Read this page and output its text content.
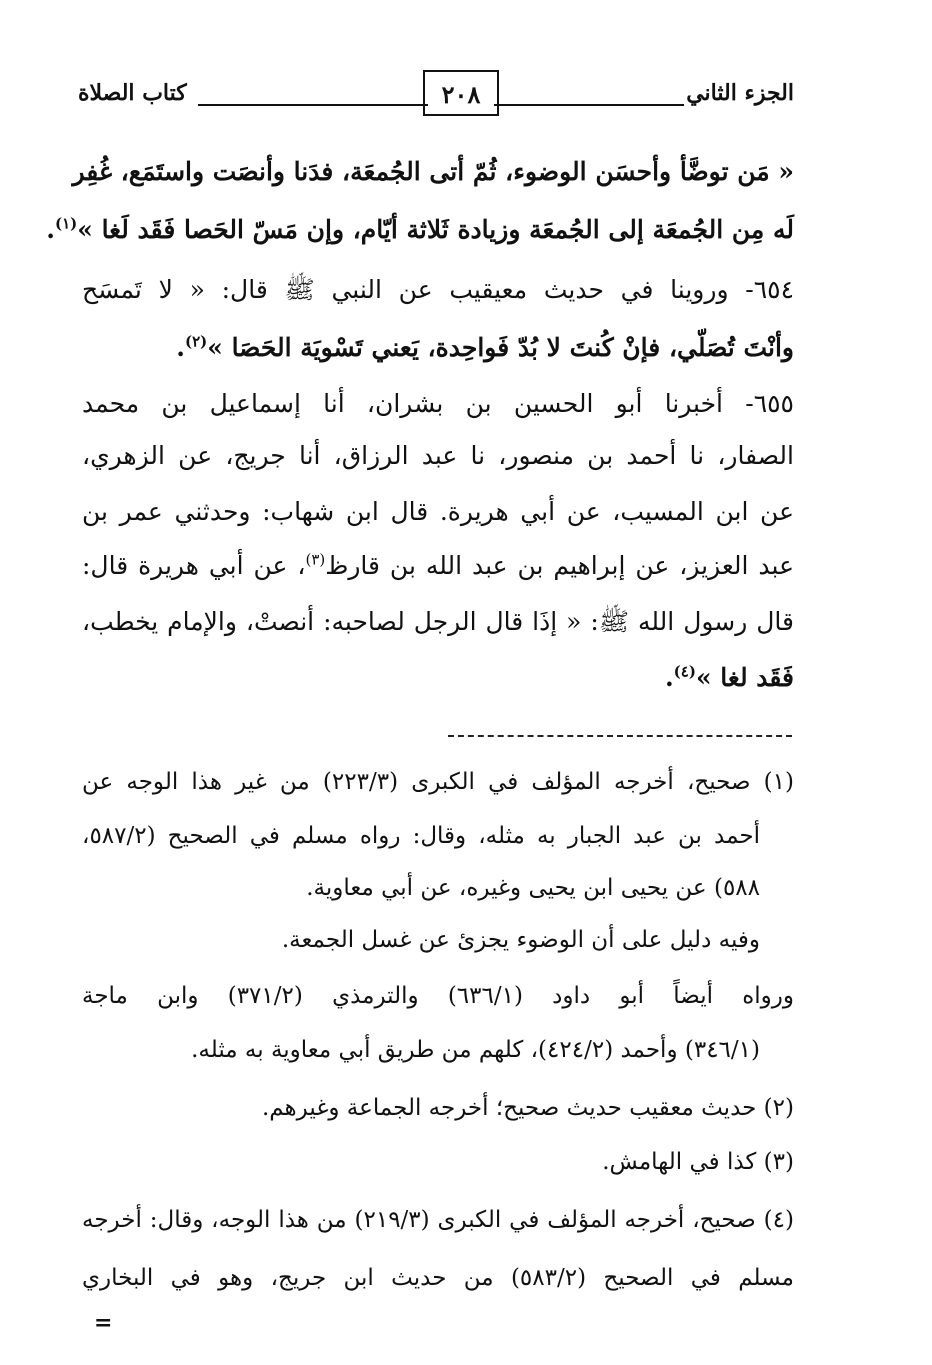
الجزء الثاني
٢٠٨
كتاب الصلاة
« مَن توضَّأ وأحسَن الوضوء، ثُمّ أتى الجُمعَة، فدَنا وأنصَت واستَمَع، غُفِر
لَه مِن الجُمعَة إلى الجُمعَة وزيادة ثَلاثة أيّام، وإن مَسّ الحَصا فَقَد لَغا »$^{(١)}$.
٦٥٤- وروينا في حديث معيقيب عن النبي ﷺ قال: « لا تَمسَح
وأنْتَ تُصَلّي، فإنْ كُنتَ لا بُدّ فَواحِدة، يَعني تَسْويَة الحَصَا »$^{(٢)}$.
٦٥٥- أخبرنا أبو الحسين بن بشران، أنا إسماعيل بن محمد
الصفار، نا أحمد بن منصور، نا عبد الرزاق، أنا جريج، عن الزهري،
عن ابن المسيب، عن أبي هريرة. قال ابن شهاب: وحدثني عمر بن
عبد العزيز، عن إبراهيم بن عبد الله بن قارظ$^{(٣)}$، عن أبي هريرة قال:
قال رسول الله ﷺ: « إذَا قال الرجل لصاحبه: أنصتْ، والإمام يخطب،
فَقَد لغا »$^{(٤)}$.
(١) صحيح، أخرجه المؤلف في الكبرى (٢٢٣/٣) من غير هذا الوجه عن
أحمد بن عبد الجبار به مثله، وقال: رواه مسلم في الصحيح (٥٨٧/٢،
٥٨٨) عن يحيى ابن يحيى وغيره، عن أبي معاوية.
وفيه دليل على أن الوضوء يجزئ عن غسل الجمعة.
ورواه أيضاً أبو داود (٦٣٦/١) والترمذي (٣٧١/٢) وابن ماجة
(٣٤٦/١) وأحمد (٤٢٤/٢)، كلهم من طريق أبي معاوية به مثله.
(٢) حديث معقيب حديث صحيح؛ أخرجه الجماعة وغيرهم.
(٣) كذا في الهامش.
(٤) صحيح، أخرجه المؤلف في الكبرى (٢١٩/٣) من هذا الوجه، وقال: أخرجه
مسلم في الصحيح (٥٨٣/٢) من حديث ابن جريج، وهو في البخاري
=
